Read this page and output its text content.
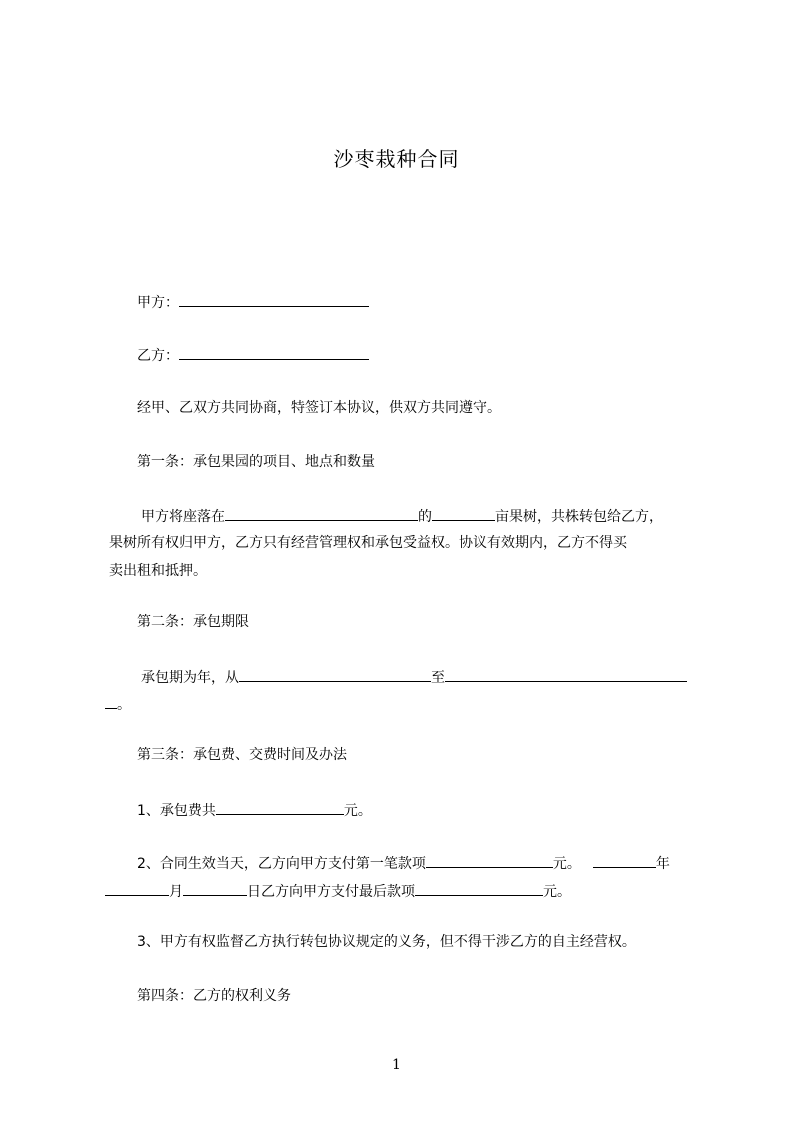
沙枣栽种合同
甲方：
乙方：
经甲、乙双方共同协商，特签订本协议，供双方共同遵守。
第一条：承包果园的项目、地点和数量
甲方将座落在	的	亩果树，共株转包给乙方，
果树所有权归甲方，乙方只有经营管理权和承包受益权。协议有效期内，乙方不得买
卖出租和抵押。
第二条：承包期限
承包期为年，从	至
。
第三条：承包费、交费时间及办法
1、承包费共	元。
2、合同生效当天，乙方向甲方支付第一笔款项	元。	年
月	日乙方向甲方支付最后款项	元。
3、甲方有权监督乙方执行转包协议规定的义务，但不得干涉乙方的自主经营权。
第四条：乙方的权利义务
1
